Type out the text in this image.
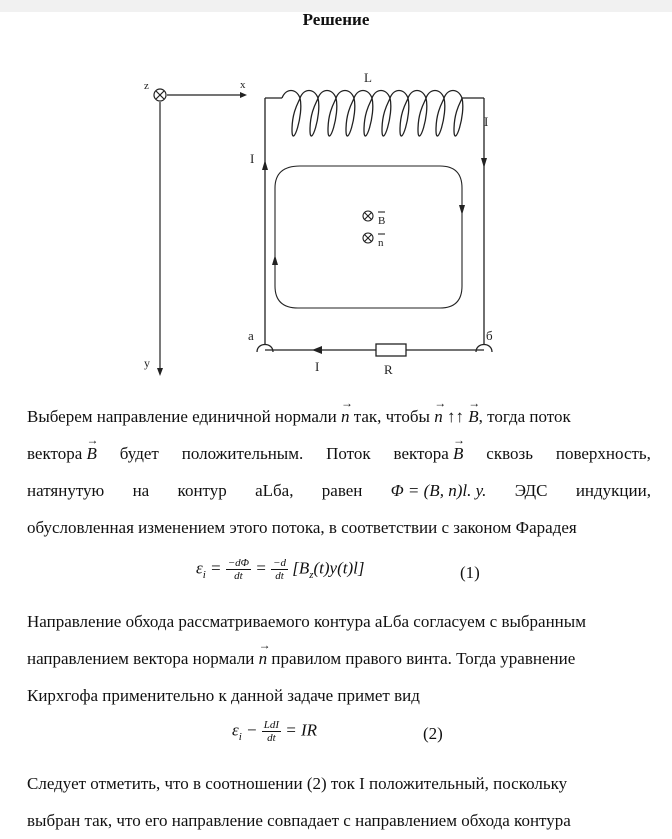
Решение
z	x
y
L
I
I
I	R
a	б
B
n
Выберем направление единичной нормали → n так, чтобы → n ↑↑ → B, тогда поток
вектора → B будет положительным. Поток вектора → B сквозь поверхность,
натянутую на контур aLба, равен Φ = (B, n)l. y. ЭДС индукции,
обусловленная изменением этого потока, в соответствии с законом Фарадея
$\varepsilon_i = \frac{-d\Phi}{dt} = \frac{-d}{dt} [B_z(t)y(t)l]$	(1)
Направление обхода рассматриваемого контура aLба согласуем с выбранным
направлением вектора нормали → n правилом правого винта. Тогда уравнение
Кирхгофа применительно к данной задаче примет вид
$\varepsilon_i - \frac{\text{LdI}}{dt}$ = IR	(2)
Следует отметить, что в соотношении (2) ток I положительный, поскольку
выбран так, что его направление совпадает с направлением обхода контура
